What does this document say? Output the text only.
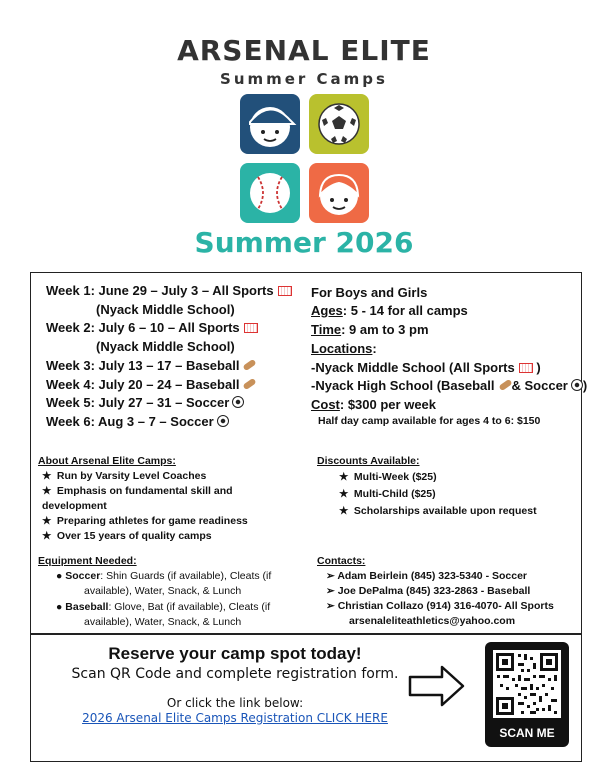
ARSENAL ELITE
Summer Camps
Summer 2026
Week 1: June 29 – July 3 – All Sports
(Nyack Middle School)
Week 2: July 6 – 10 – All Sports
(Nyack Middle School)
Week 3: July 13 – 17 – Baseball
Week 4: July 20 – 24 – Baseball
Week 5: July 27 – 31 – Soccer
Week 6: Aug 3 – 7 – Soccer
For Boys and Girls
Ages: 5 - 14 for all camps
Time: 9 am to 3 pm
Locations:
-Nyack Middle School (All Sports )
-Nyack High School (Baseball & Soccer )
Cost: $300 per week
Half day camp available for ages 4 to 6: $150
About Arsenal Elite Camps:
★ Run by Varsity Level Coaches
★ Emphasis on fundamental skill and
development
★ Preparing athletes for game readiness
★ Over 15 years of quality camps
Discounts Available:
★ Multi-Week ($25)
★ Multi-Child ($25)
★ Scholarships available upon request
Equipment Needed:
● Soccer: Shin Guards (if available), Cleats (if
available), Water, Snack, & Lunch
● Baseball: Glove, Bat (if available), Cleats (if
available), Water, Snack, & Lunch
Contacts:
➢ Adam Beirlein (845) 323-5340 - Soccer
➢ Joe DePalma (845) 323-2863 - Baseball
➢ Christian Collazo (914) 316-4070- All Sports
arsenaleliteathletics@yahoo.com
Reserve your camp spot today!
Scan QR Code and complete registration form.
Or click the link below:
2026 Arsenal Elite Camps Registration CLICK HERE
SCAN ME
